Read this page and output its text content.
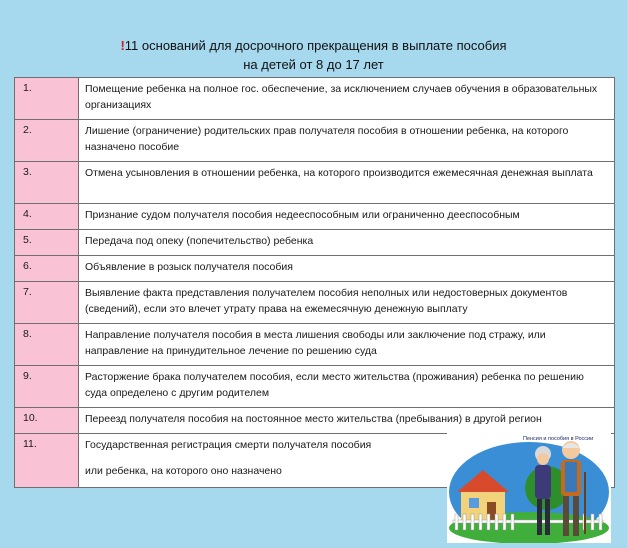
!11 оснований для досрочного прекращения в выплате пособия
на детей от 8 до 17 лет
1.	Помещение ребенка на полное гос. обеспечение, за исключением случаев обучения в образовательных организациях
2.	Лишение (ограничение) родительских прав получателя пособия в отношении ребенка, на которого назначено пособие
3.	Отмена усыновления в отношении ребенка, на которого производится ежемесячная денежная выплата
4.	Признание судом получателя пособия недееспособным или ограниченно дееспособным
5.	Передача под опеку (попечительство) ребенка
6.	Объявление в розыск получателя пособия
7.	Выявление факта представления получателем пособия неполных или недостоверных документов (сведений), если это влечет утрату права на ежемесячную денежную выплату
8.	Направление получателя пособия в места лишения свободы или заключение под стражу, или направление на принудительное лечение по решению суда
9.	Расторжение брака получателем пособия, если место жительства (проживания) ребенка по решению суда определено с другим родителем
10.	Переезд получателя пособия на постоянное место жительства (пребывания) в другой регион
11.	Государственная регистрация смерти получателя пособия
или ребенка, на которого оно назначено
Пенсия и пособия в России
